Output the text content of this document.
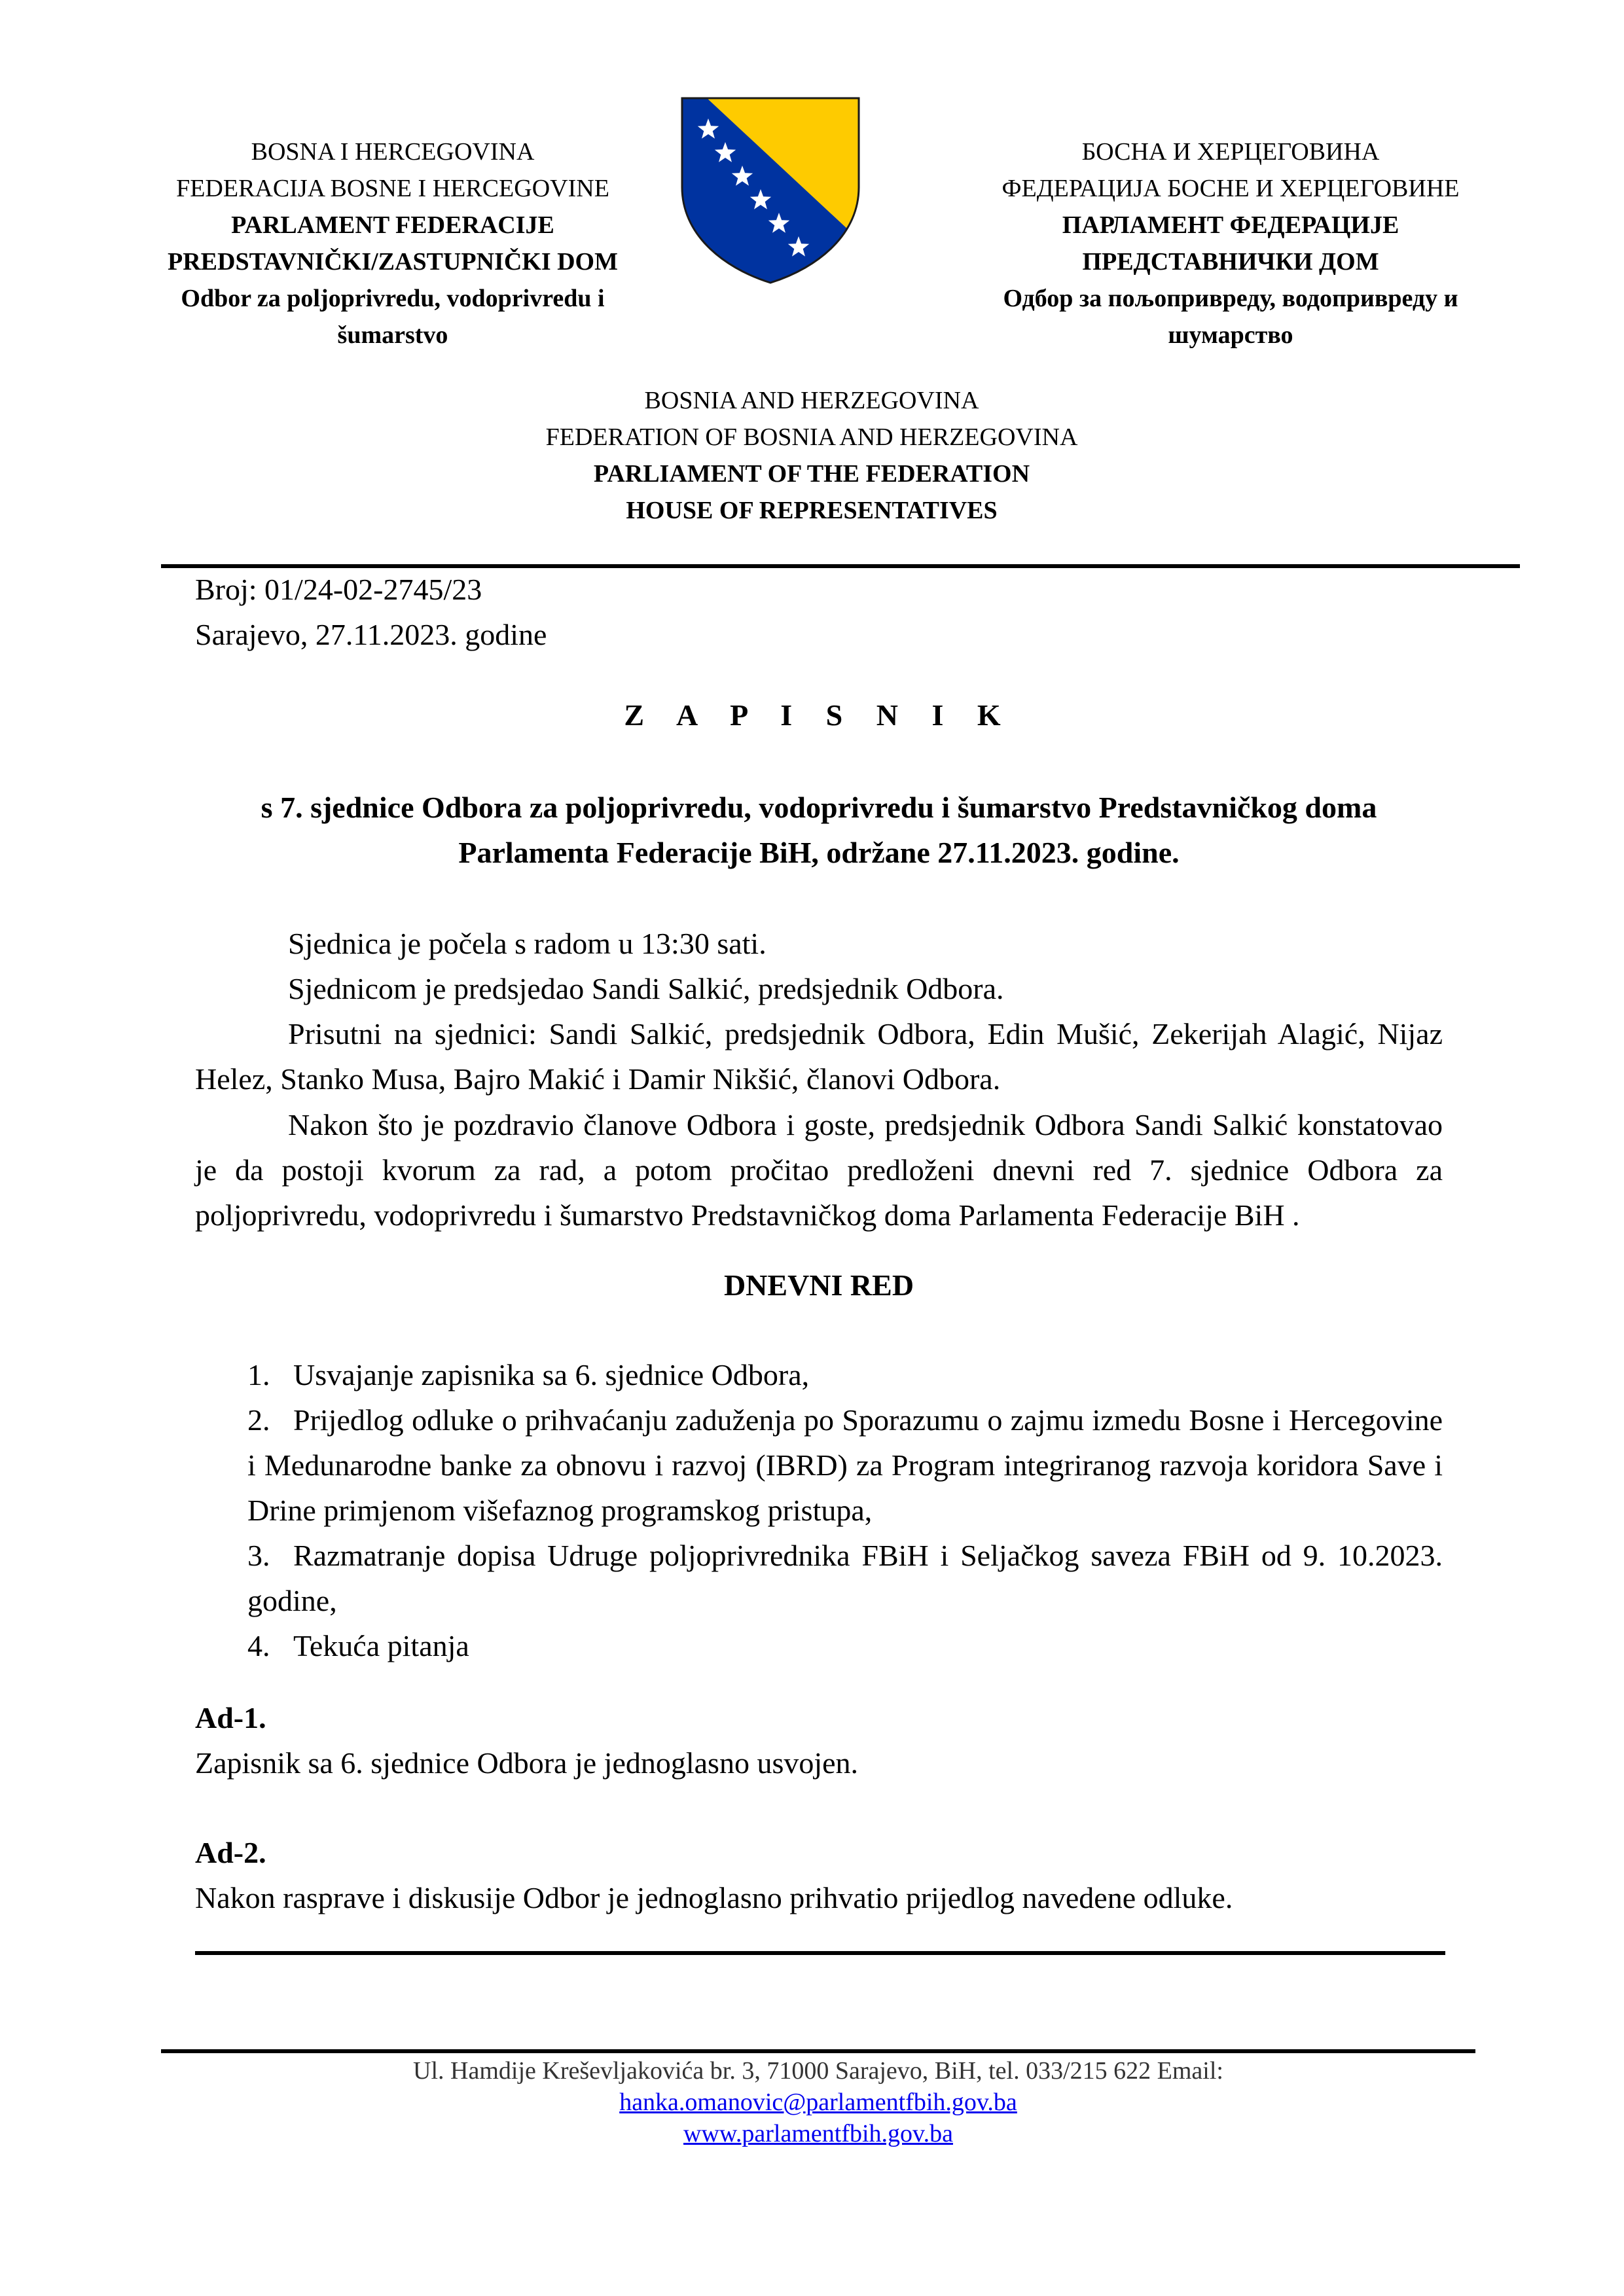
BOSNA I HERCEGOVINA
FEDERACIJA BOSNE I HERCEGOVINE
PARLAMENT FEDERACIJE
PREDSTAVNIČKI/ZASTUPNIČKI DOM
Odbor za poljoprivredu, vodoprivredu i
šumarstvo
БОСНА И ХЕРЦЕГОВИНА
ФЕДЕРАЦИЈА БОСНЕ И ХЕРЦЕГОВИНЕ
ПАРЛАМЕНТ ФЕДЕРАЦИЈЕ
ПРЕДСТАВНИЧКИ ДОМ
Одбор за пољопривреду, водопривреду и
шумарство
BOSNIA AND HERZEGOVINA
FEDERATION OF BOSNIA AND HERZEGOVINA
PARLIAMENT OF THE FEDERATION
HOUSE OF REPRESENTATIVES
Broj: 01/24-02-2745/23
Sarajevo, 27.11.2023. godine
Z A P I S N I K
s 7. sjednice Odbora za poljoprivredu, vodoprivredu i šumarstvo Predstavničkog doma
Parlamenta Federacije BiH, održane 27.11.2023. godine.
Sjednica je počela s radom u 13:30 sati.
Sjednicom je predsjedao Sandi Salkić, predsjednik Odbora.
Prisutni na sjednici: Sandi Salkić, predsjednik Odbora, Edin Mušić, Zekerijah Alagić, Nijaz Helez, Stanko Musa, Bajro Makić i Damir Nikšić, članovi Odbora.
Nakon što je pozdravio članove Odbora i goste, predsjednik Odbora Sandi Salkić konstatovao je da postoji kvorum za rad, a potom pročitao predloženi dnevni red 7. sjednice Odbora za poljoprivredu, vodoprivredu i šumarstvo Predstavničkog doma Parlamenta Federacije BiH .
DNEVNI RED
1. Usvajanje zapisnika sa 6. sjednice Odbora,
2. Prijedlog odluke o prihvaćanju zaduženja po Sporazumu o zajmu izmedu Bosne i Hercegovine i Medunarodne banke za obnovu i razvoj (IBRD) za Program integriranog razvoja koridora Save i Drine primjenom višefaznog programskog pristupa,
3. Razmatranje dopisa Udruge poljoprivrednika FBiH i Seljačkog saveza FBiH od 9. 10.2023. godine,
4. Tekuća pitanja
Ad-1.
Zapisnik sa 6. sjednice Odbora je jednoglasno usvojen.
Ad-2.
Nakon rasprave i diskusije Odbor je jednoglasno prihvatio prijedlog navedene odluke.
Ul. Hamdije Kreševljakovića br. 3, 71000 Sarajevo, BiH, tel. 033/215 622 Email:
hanka.omanovic@parlamentfbih.gov.ba
www.parlamentfbih.gov.ba
